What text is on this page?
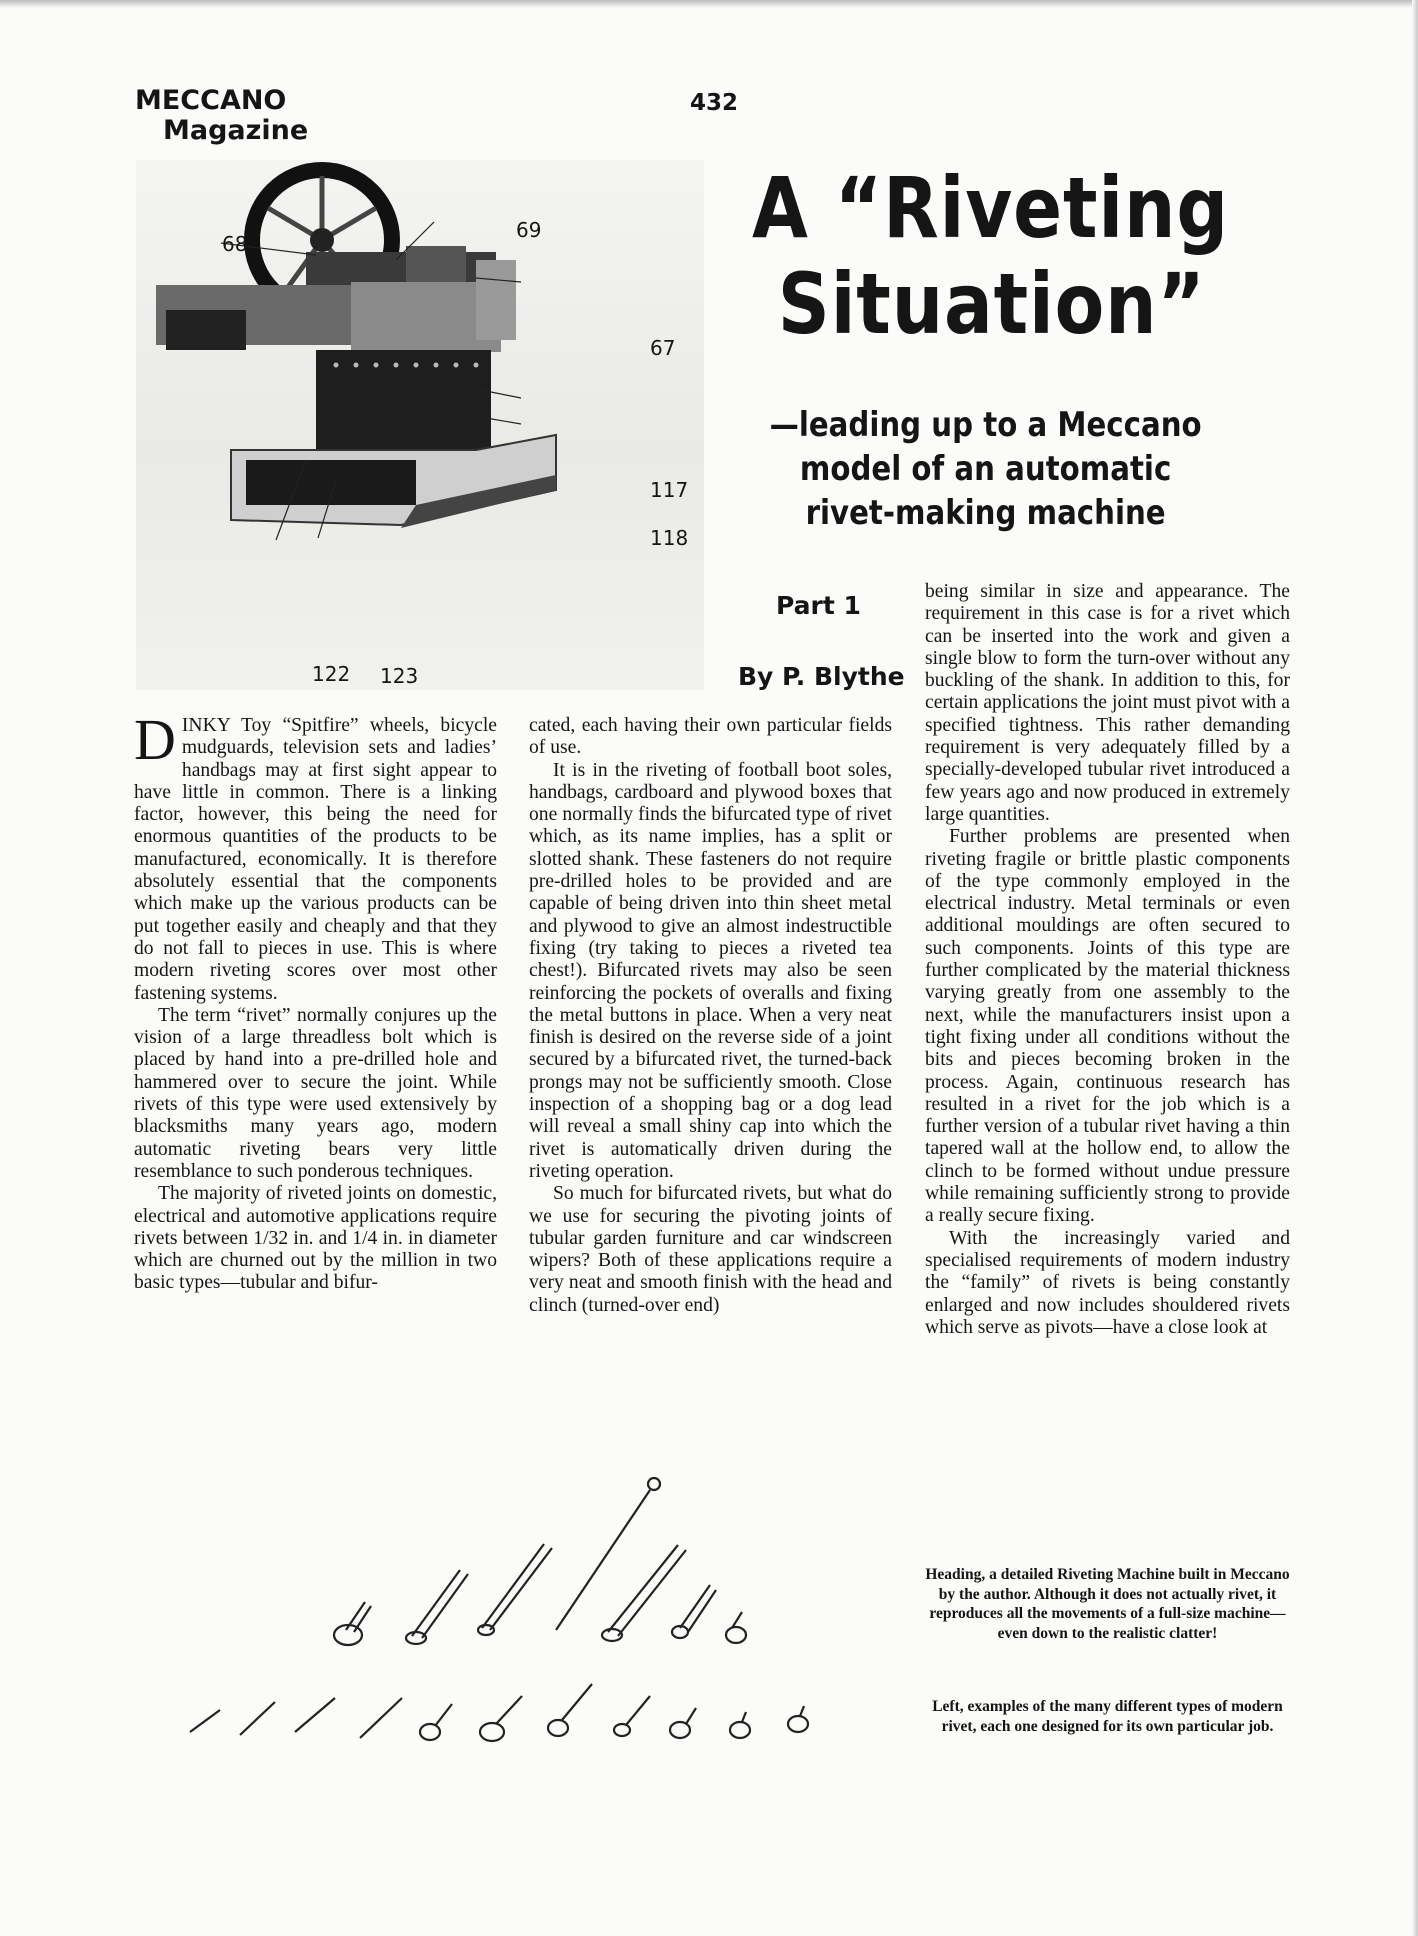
MECCANO
Magazine
432
68
69
67
117
118
122 123
A “Riveting
Situation”
—leading up to a Meccano model of an automatic rivet-making machine
Part 1
By P. Blythe

DINKY Toy “Spitfire” wheels, bicycle mudguards, television sets and ladies’ handbags may at first sight appear to have little in common. There is a linking factor, however, this being the need for enormous quantities of the products to be manufactured, economically. It is therefore absolutely essential that the components which make up the various products can be put together easily and cheaply and that they do not fall to pieces in use. This is where modern riveting scores over most other fastening systems.

The term “rivet” normally conjures up the vision of a large threadless bolt which is placed by hand into a pre-drilled hole and hammered over to secure the joint. While rivets of this type were used extensively by blacksmiths many years ago, modern automatic riveting bears very little resemblance to such ponderous techniques.

The majority of riveted joints on domestic, electrical and automotive applications require rivets between 1/32 in. and 1/4 in. in diameter which are churned out by the million in two basic types—tubular and bifur-

cated, each having their own particular fields of use.

It is in the riveting of football boot soles, handbags, cardboard and plywood boxes that one normally finds the bifurcated type of rivet which, as its name implies, has a split or slotted shank. These fasteners do not require pre-drilled holes to be provided and are capable of being driven into thin sheet metal and plywood to give an almost indestructible fixing (try taking to pieces a riveted tea chest!). Bifurcated rivets may also be seen reinforcing the pockets of overalls and fixing the metal buttons in place. When a very neat finish is desired on the reverse side of a joint secured by a bifurcated rivet, the turned-back prongs may not be sufficiently smooth. Close inspection of a shopping bag or a dog lead will reveal a small shiny cap into which the rivet is automatically driven during the riveting operation.

So much for bifurcated rivets, but what do we use for securing the pivoting joints of tubular garden furniture and car windscreen wipers? Both of these applications require a very neat and smooth finish with the head and clinch (turned-over end)

being similar in size and appearance. The requirement in this case is for a rivet which can be inserted into the work and given a single blow to form the turn-over without any buckling of the shank. In addition to this, for certain applications the joint must pivot with a specified tightness. This rather demanding requirement is very adequately filled by a specially-developed tubular rivet introduced a few years ago and now produced in extremely large quantities.

Further problems are presented when riveting fragile or brittle plastic components of the type commonly employed in the electrical industry. Metal terminals or even additional mouldings are often secured to such components. Joints of this type are further complicated by the material thickness varying greatly from one assembly to the next, while the manufacturers insist upon a tight fixing under all conditions without the bits and pieces becoming broken in the process. Again, continuous research has resulted in a rivet for the job which is a further version of a tubular rivet having a thin tapered wall at the hollow end, to allow the clinch to be formed without undue pressure while remaining sufficiently strong to provide a really secure fixing.

With the increasingly varied and specialised requirements of modern industry the “family” of rivets is being constantly enlarged and now includes shouldered rivets which serve as pivots—have a close look at

Heading, a detailed Riveting Machine built in Meccano by the author. Although it does not actually rivet, it reproduces all the movements of a full-size machine—even down to the realistic clatter!
Left, examples of the many different types of modern rivet, each one designed for its own particular job.
